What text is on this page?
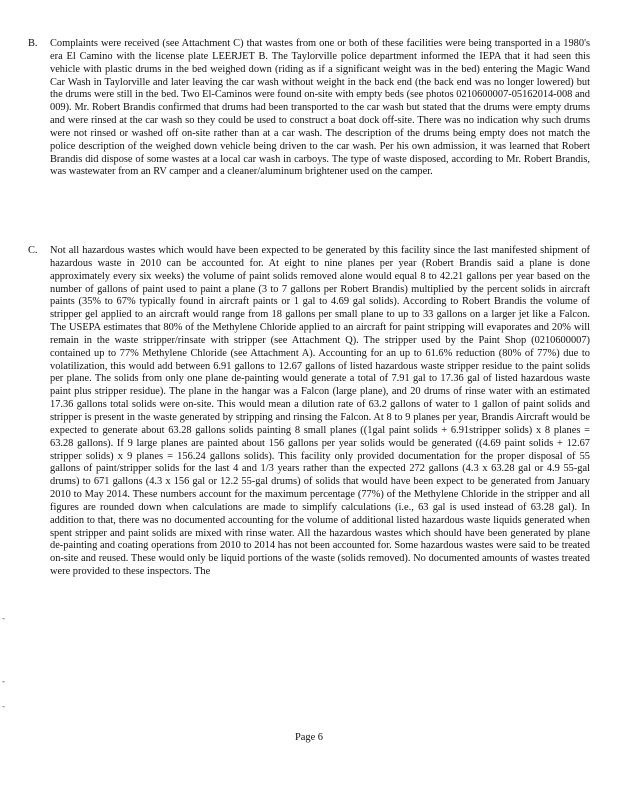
B.	Complaints were received (see Attachment C) that wastes from one or both of these facilities were being transported in a 1980's era El Camino with the license plate LEERJET B. The Taylorville police department informed the IEPA that it had seen this vehicle with plastic drums in the bed weighed down (riding as if a significant weight was in the bed) entering the Magic Wand Car Wash in Taylorville and later leaving the car wash without weight in the back end (the back end was no longer lowered) but the drums were still in the bed. Two El-Caminos were found on-site with empty beds (see photos 0210600007-05162014-008 and 009). Mr. Robert Brandis confirmed that drums had been transported to the car wash but stated that the drums were empty drums and were rinsed at the car wash so they could be used to construct a boat dock off-site. There was no indication why such drums were not rinsed or washed off on-site rather than at a car wash. The description of the drums being empty does not match the police description of the weighed down vehicle being driven to the car wash. Per his own admission, it was learned that Robert Brandis did dispose of some wastes at a local car wash in carboys. The type of waste disposed, according to Mr. Robert Brandis, was wastewater from an RV camper and a cleaner/aluminum brightener used on the camper.
C.	Not all hazardous wastes which would have been expected to be generated by this facility since the last manifested shipment of hazardous waste in 2010 can be accounted for. At eight to nine planes per year (Robert Brandis said a plane is done approximately every six weeks) the volume of paint solids removed alone would equal 8 to 42.21 gallons per year based on the number of gallons of paint used to paint a plane (3 to 7 gallons per Robert Brandis) multiplied by the percent solids in aircraft paints (35% to 67% typically found in aircraft paints or 1 gal to 4.69 gal solids). According to Robert Brandis the volume of stripper gel applied to an aircraft would range from 18 gallons per small plane to up to 33 gallons on a larger jet like a Falcon. The USEPA estimates that 80% of the Methylene Chloride applied to an aircraft for paint stripping will evaporates and 20% will remain in the waste stripper/rinsate with stripper (see Attachment Q). The stripper used by the Paint Shop (0210600007) contained up to 77% Methylene Chloride (see Attachment A). Accounting for an up to 61.6% reduction (80% of 77%) due to volatilization, this would add between 6.91 gallons to 12.67 gallons of listed hazardous waste stripper residue to the paint solids per plane. The solids from only one plane de-painting would generate a total of 7.91 gal to 17.36 gal of listed hazardous waste paint plus stripper residue). The plane in the hangar was a Falcon (large plane), and 20 drums of rinse water with an estimated 17.36 gallons total solids were on-site. This would mean a dilution rate of 63.2 gallons of water to 1 gallon of paint solids and stripper is present in the waste generated by stripping and rinsing the Falcon. At 8 to 9 planes per year, Brandis Aircraft would be expected to generate about 63.28 gallons solids painting 8 small planes ((1gal paint solids + 6.91stripper solids) x 8 planes = 63.28 gallons). If 9 large planes are painted about 156 gallons per year solids would be generated ((4.69 paint solids + 12.67 stripper solids) x 9 planes = 156.24 gallons solids). This facility only provided documentation for the proper disposal of 55 gallons of paint/stripper solids for the last 4 and 1/3 years rather than the expected 272 gallons (4.3 x 63.28 gal or 4.9 55-gal drums) to 671 gallons (4.3 x 156 gal or 12.2 55-gal drums) of solids that would have been expect to be generated from January 2010 to May 2014. These numbers account for the maximum percentage (77%) of the Methylene Chloride in the stripper and all figures are rounded down when calculations are made to simplify calculations (i.e., 63 gal is used instead of 63.28 gal). In addition to that, there was no documented accounting for the volume of additional listed hazardous waste liquids generated when spent stripper and paint solids are mixed with rinse water. All the hazardous wastes which should have been generated by plane de-painting and coating operations from 2010 to 2014 has not been accounted for. Some hazardous wastes were said to be treated on-site and reused. These would only be liquid portions of the waste (solids removed). No documented amounts of wastes treated were provided to these inspectors. The
-
-
-
Page 6
